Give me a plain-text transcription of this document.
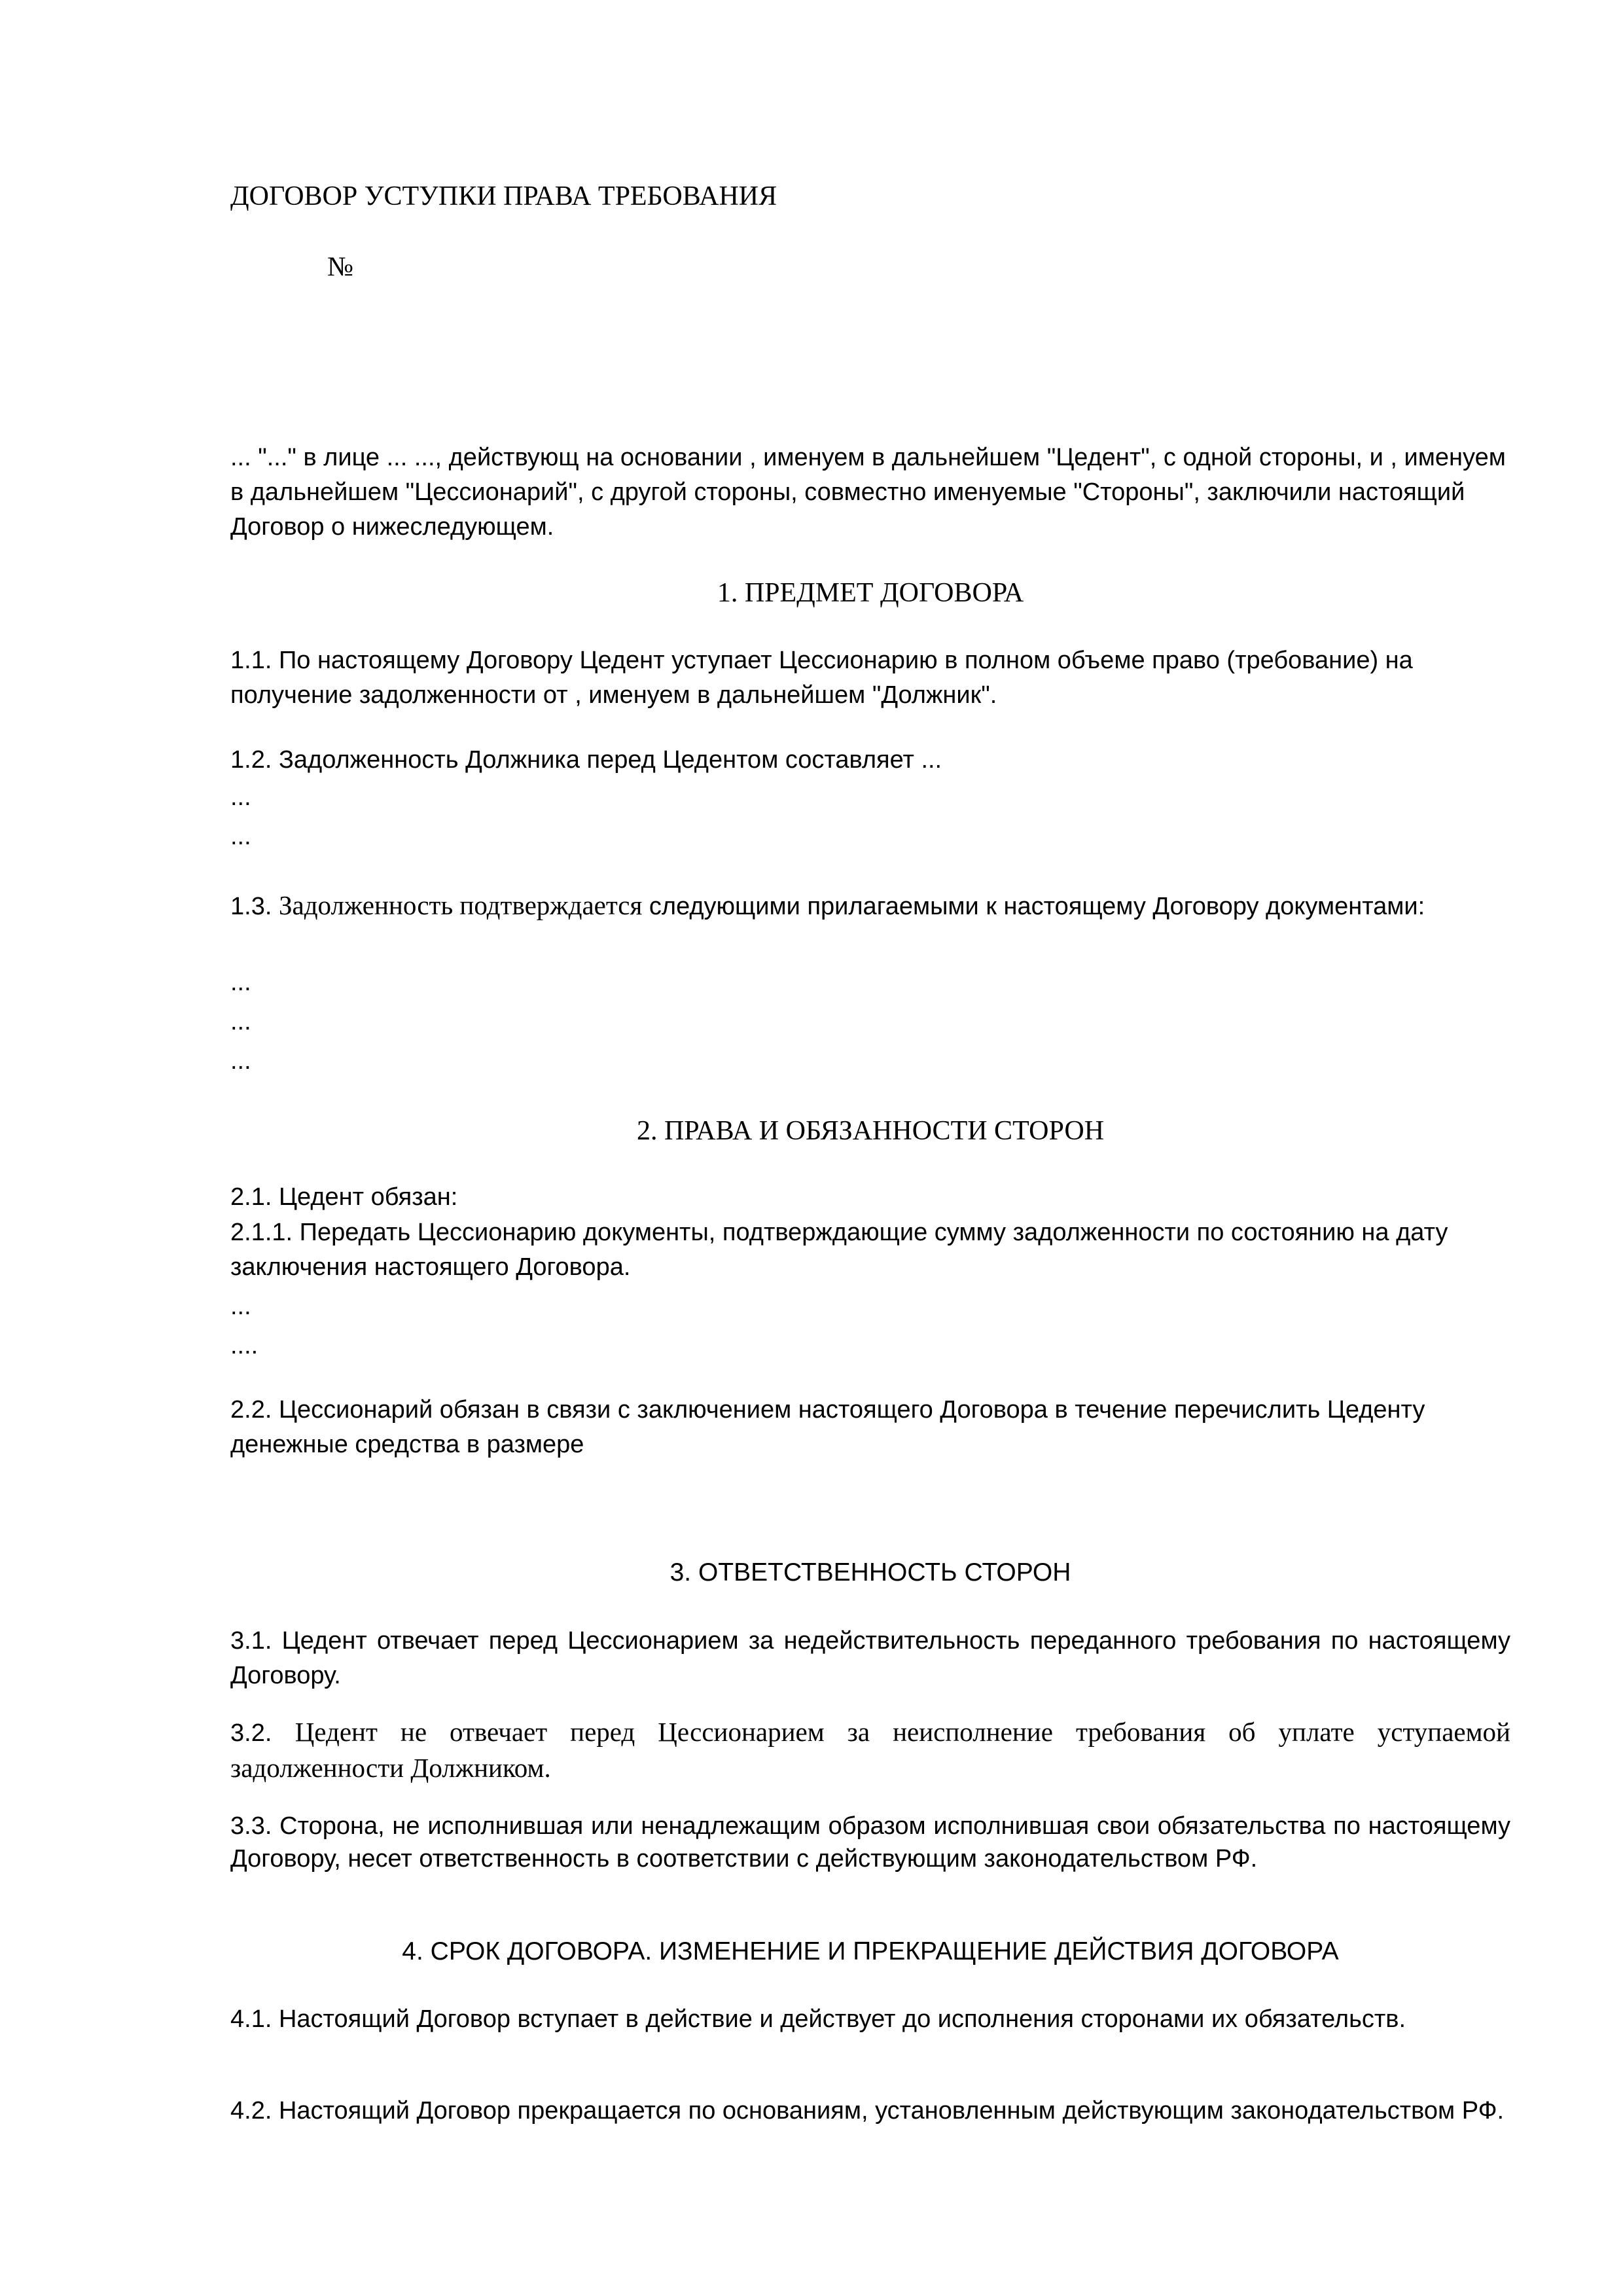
ДОГОВОР УСТУПКИ ПРАВА ТРЕБОВАНИЯ
№

... "..." в лице ... ..., действующ на основании , именуем в дальнейшем "Цедент", с одной стороны, и , именуем в дальнейшем "Цессионарий", с другой стороны, совместно именуемые "Стороны", заключили настоящий Договор о нижеследующем.

1. ПРЕДМЕТ ДОГОВОРА

1.1. По настоящему Договору Цедент уступает Цессионарию в полном объеме право (требование) на получение задолженности от , именуем в дальнейшем "Должник".

1.2. Задолженность Должника перед Цедентом составляет ...

...
...

1.3. Задолженность подтверждается следующими прилагаемыми к настоящему Договору документами:

...
...
...
2. ПРАВА И ОБЯЗАННОСТИ СТОРОН
2.1. Цедент обязан:

2.1.1. Передать Цессионарию документы, подтверждающие сумму задолженности по состоянию на дату заключения настоящего Договора.

...
....

2.2. Цессионарий обязан в связи с заключением настоящего Договора в течение перечислить Цеденту денежные средства в размере

3. ОТВЕТСТВЕННОСТЬ СТОРОН

3.1. Цедент отвечает перед Цессионарием за недействительность переданного требования по настоящему Договору.

3.2. Цедент не отвечает перед Цессионарием за неисполнение требования об уплате уступаемой задолженности Должником.

3.3. Сторона, не исполнившая или ненадлежащим образом исполнившая свои обязательства по настоящему Договору, несет ответственность в соответствии с действующим законодательством РФ.

4. СРОК ДОГОВОРА. ИЗМЕНЕНИЕ И ПРЕКРАЩЕНИЕ ДЕЙСТВИЯ ДОГОВОРА

4.1. Настоящий Договор вступает в действие и действует до исполнения сторонами их обязательств.

4.2. Настоящий Договор прекращается по основаниям, установленным действующим законодательством РФ.
